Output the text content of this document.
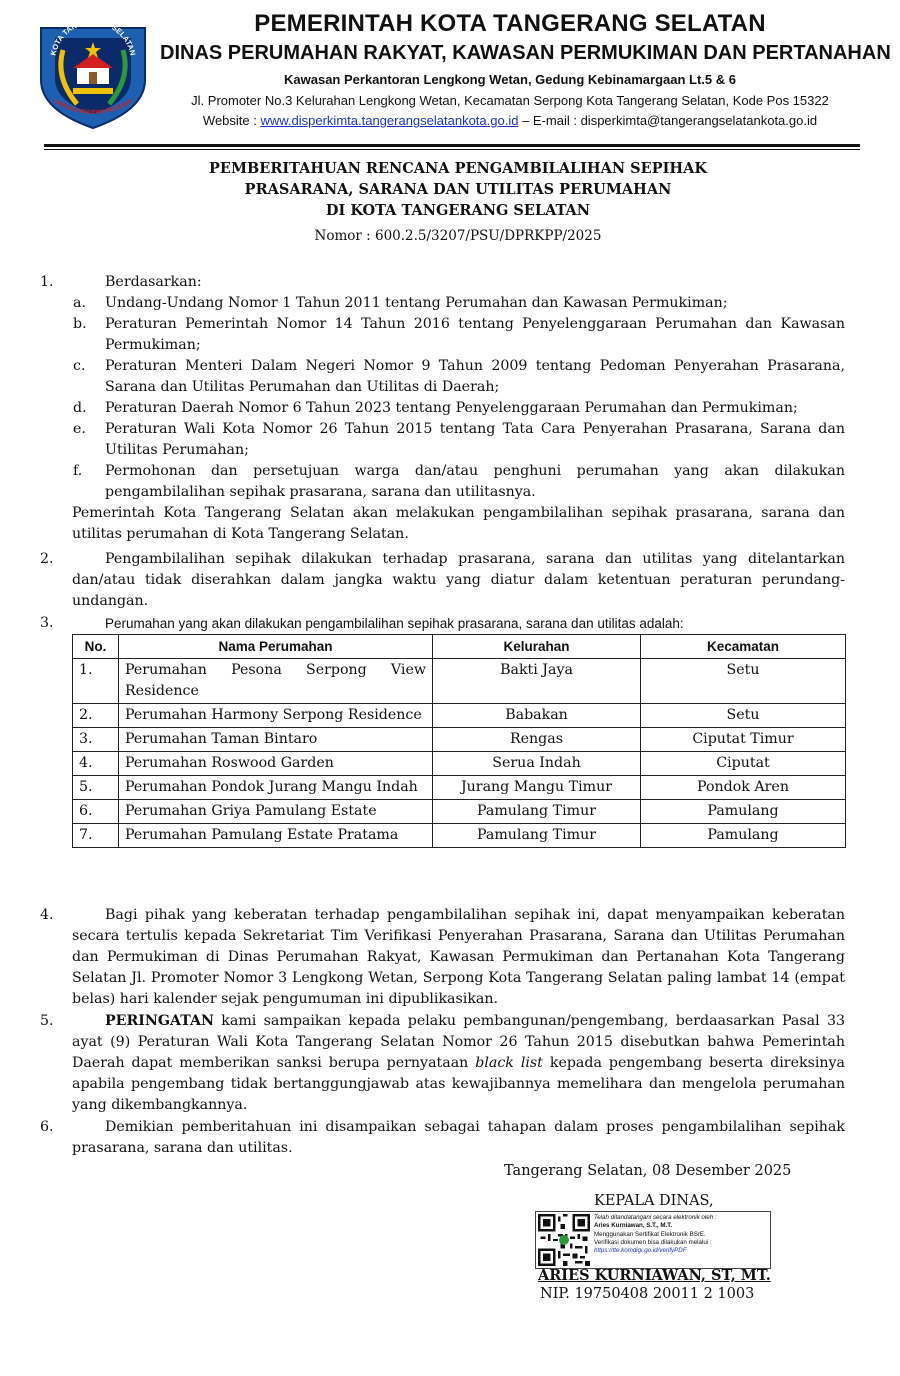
KOTA TANGERANG SELATAN
CERDAS MODERN RELIGIUS
PEMERINTAH KOTA TANGERANG SELATAN
DINAS PERUMAHAN RAKYAT, KAWASAN PERMUKIMAN DAN PERTANAHAN
Kawasan Perkantoran Lengkong Wetan, Gedung Kebinamargaan Lt.5 & 6
Jl. Promoter No.3 Kelurahan Lengkong Wetan, Kecamatan Serpong Kota Tangerang Selatan, Kode Pos 15322
Website : www.disperkimta.tangerangselatankota.go.id – E-mail : disperkimta@tangerangselatankota.go.id
PEMBERITAHUAN RENCANA PENGAMBILALIHAN SEPIHAK
PRASARANA, SARANA DAN UTILITAS PERUMAHAN
DI KOTA TANGERANG SELATAN
Nomor : 600.2.5/3207/PSU/DPRKPP/2025
1.	Berdasarkan:
a. Undang-Undang Nomor 1 Tahun 2011 tentang Perumahan dan Kawasan Permukiman;
b. Peraturan Pemerintah Nomor 14 Tahun 2016 tentang Penyelenggaraan Perumahan dan Kawasan Permukiman;
c. Peraturan Menteri Dalam Negeri Nomor 9 Tahun 2009 tentang Pedoman Penyerahan Prasarana, Sarana dan Utilitas Perumahan dan Utilitas di Daerah;
d. Peraturan Daerah Nomor 6 Tahun 2023 tentang Penyelenggaraan Perumahan dan Permukiman;
e. Peraturan Wali Kota Nomor 26 Tahun 2015 tentang Tata Cara Penyerahan Prasarana, Sarana dan Utilitas Perumahan;
f. Permohonan dan persetujuan warga dan/atau penghuni perumahan yang akan dilakukan pengambilalihan sepihak prasarana, sarana dan utilitasnya.
Pemerintah Kota Tangerang Selatan akan melakukan pengambilalihan sepihak prasarana, sarana dan utilitas perumahan di Kota Tangerang Selatan.
2.	Pengambilalihan sepihak dilakukan terhadap prasarana, sarana dan utilitas yang ditelantarkan dan/atau tidak diserahkan dalam jangka waktu yang diatur dalam ketentuan peraturan perundang-undangan.
3.	Perumahan yang akan dilakukan pengambilalihan sepihak prasarana, sarana dan utilitas adalah:
No.	Nama Perumahan	Kelurahan	Kecamatan
1.	Perumahan Pesona Serpong View Residence	Bakti Jaya	Setu
2.	Perumahan Harmony Serpong Residence	Babakan	Setu
3.	Perumahan Taman Bintaro	Rengas	Ciputat Timur
4.	Perumahan Roswood Garden	Serua Indah	Ciputat
5.	Perumahan Pondok Jurang Mangu Indah	Jurang Mangu Timur	Pondok Aren
6.	Perumahan Griya Pamulang Estate	Pamulang Timur	Pamulang
7.	Perumahan Pamulang Estate Pratama	Pamulang Timur	Pamulang
4.	Bagi pihak yang keberatan terhadap pengambilalihan sepihak ini, dapat menyampaikan keberatan secara tertulis kepada Sekretariat Tim Verifikasi Penyerahan Prasarana, Sarana dan Utilitas Perumahan dan Permukiman di Dinas Perumahan Rakyat, Kawasan Permukiman dan Pertanahan Kota Tangerang Selatan Jl. Promoter Nomor 3 Lengkong Wetan, Serpong Kota Tangerang Selatan paling lambat 14 (empat belas) hari kalender sejak pengumuman ini dipublikasikan.
5.	PERINGATAN kami sampaikan kepada pelaku pembangunan/pengembang, berdaasarkan Pasal 33 ayat (9) Peraturan Wali Kota Tangerang Selatan Nomor 26 Tahun 2015 disebutkan bahwa Pemerintah Daerah dapat memberikan sanksi berupa pernyataan black list kepada pengembang beserta direksinya apabila pengembang tidak bertanggungjawab atas kewajibannya memelihara dan mengelola perumahan yang dikembangkannya.
6.	Demikian pemberitahuan ini disampaikan sebagai tahapan dalam proses pengambilalihan sepihak prasarana, sarana dan utilitas.
Tangerang Selatan, 08 Desember 2025
KEPALA DINAS,
Telah ditandatangani secara elektronik oleh :
Aries Kurniawan, S.T., M.T.
Menggunakan Sertifikat Elektronik BSrE.
Verifikasi dokumen bisa dilakukan melalui :
https://tte.komdigi.go.id/verifyPDF
ARIES KURNIAWAN, ST, MT.
NIP. 19750408 20011 2 1003
